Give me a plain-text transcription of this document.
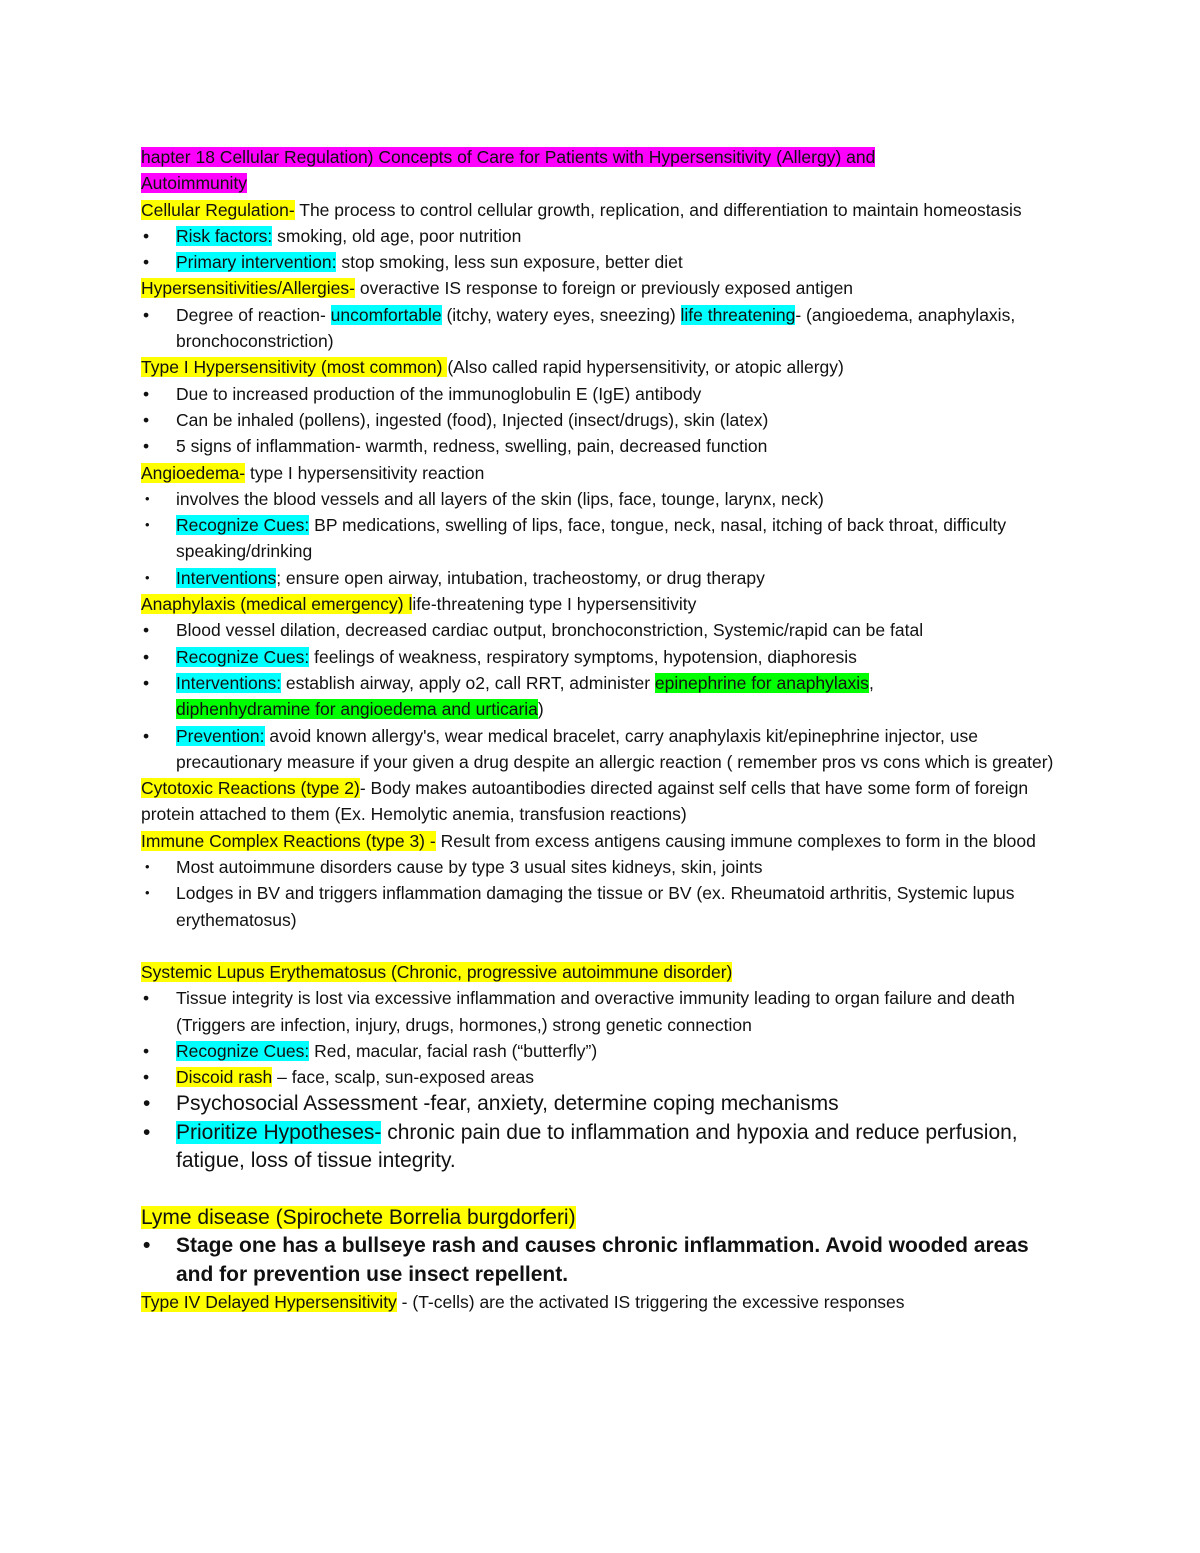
hapter 18 Cellular Regulation) Concepts of Care for Patients with Hypersensitivity (Allergy) and
Autoimmunity

Cellular Regulation- The process to control cellular growth, replication, and differentiation to maintain homeostasis

• Risk factors: smoking, old age, poor nutrition

• Primary intervention: stop smoking, less sun exposure, better diet

Hypersensitivities/Allergies- overactive IS response to foreign or previously exposed antigen

• Degree of reaction- uncomfortable (itchy, watery eyes, sneezing) life threatening- (angioedema, anaphylaxis, bronchoconstriction)

Type I Hypersensitivity (most common) (Also called rapid hypersensitivity, or atopic allergy)

• Due to increased production of the immunoglobulin E (IgE) antibody

• Can be inhaled (pollens), ingested (food), Injected (insect/drugs), skin (latex)

• 5 signs of inflammation- warmth, redness, swelling, pain, decreased function

Angioedema- type I hypersensitivity reaction

• involves the blood vessels and all layers of the skin (lips, face, tounge, larynx, neck)

• Recognize Cues: BP medications, swelling of lips, face, tongue, neck, nasal, itching of back throat, difficulty speaking/drinking

• Interventions; ensure open airway, intubation, tracheostomy, or drug therapy

Anaphylaxis (medical emergency) life-threatening type I hypersensitivity

• Blood vessel dilation, decreased cardiac output, bronchoconstriction, Systemic/rapid can be fatal

• Recognize Cues: feelings of weakness, respiratory symptoms, hypotension, diaphoresis

• Interventions: establish airway, apply o2, call RRT, administer epinephrine for anaphylaxis,
diphenhydramine for angioedema and urticaria)

• Prevention: avoid known allergy's, wear medical bracelet, carry anaphylaxis kit/epinephrine injector, use precautionary measure if your given a drug despite an allergic reaction ( remember pros vs cons which is greater)

Cytotoxic Reactions (type 2)- Body makes autoantibodies directed against self cells that have some form of foreign protein attached to them (Ex. Hemolytic anemia, transfusion reactions)

Immune Complex Reactions (type 3) - Result from excess antigens causing immune complexes to form in the blood

• Most autoimmune disorders cause by type 3 usual sites kidneys, skin, joints

• Lodges in BV and triggers inflammation damaging the tissue or BV (ex. Rheumatoid arthritis, Systemic lupus erythematosus)

Systemic Lupus Erythematosus (Chronic, progressive autoimmune disorder)

• Tissue integrity is lost via excessive inflammation and overactive immunity leading to organ failure and death (Triggers are infection, injury, drugs, hormones,) strong genetic connection

• Recognize Cues: Red, macular, facial rash (“butterfly”)

• Discoid rash – face, scalp, sun-exposed areas

• Psychosocial Assessment -fear, anxiety, determine coping mechanisms

• Prioritize Hypotheses- chronic pain due to inflammation and hypoxia and reduce perfusion, fatigue, loss of tissue integrity.

Lyme disease (Spirochete Borrelia burgdorferi)

• Stage one has a bullseye rash and causes chronic inflammation. Avoid wooded areas and for prevention use insect repellent.

Type IV Delayed Hypersensitivity - (T-cells) are the activated IS triggering the excessive responses
